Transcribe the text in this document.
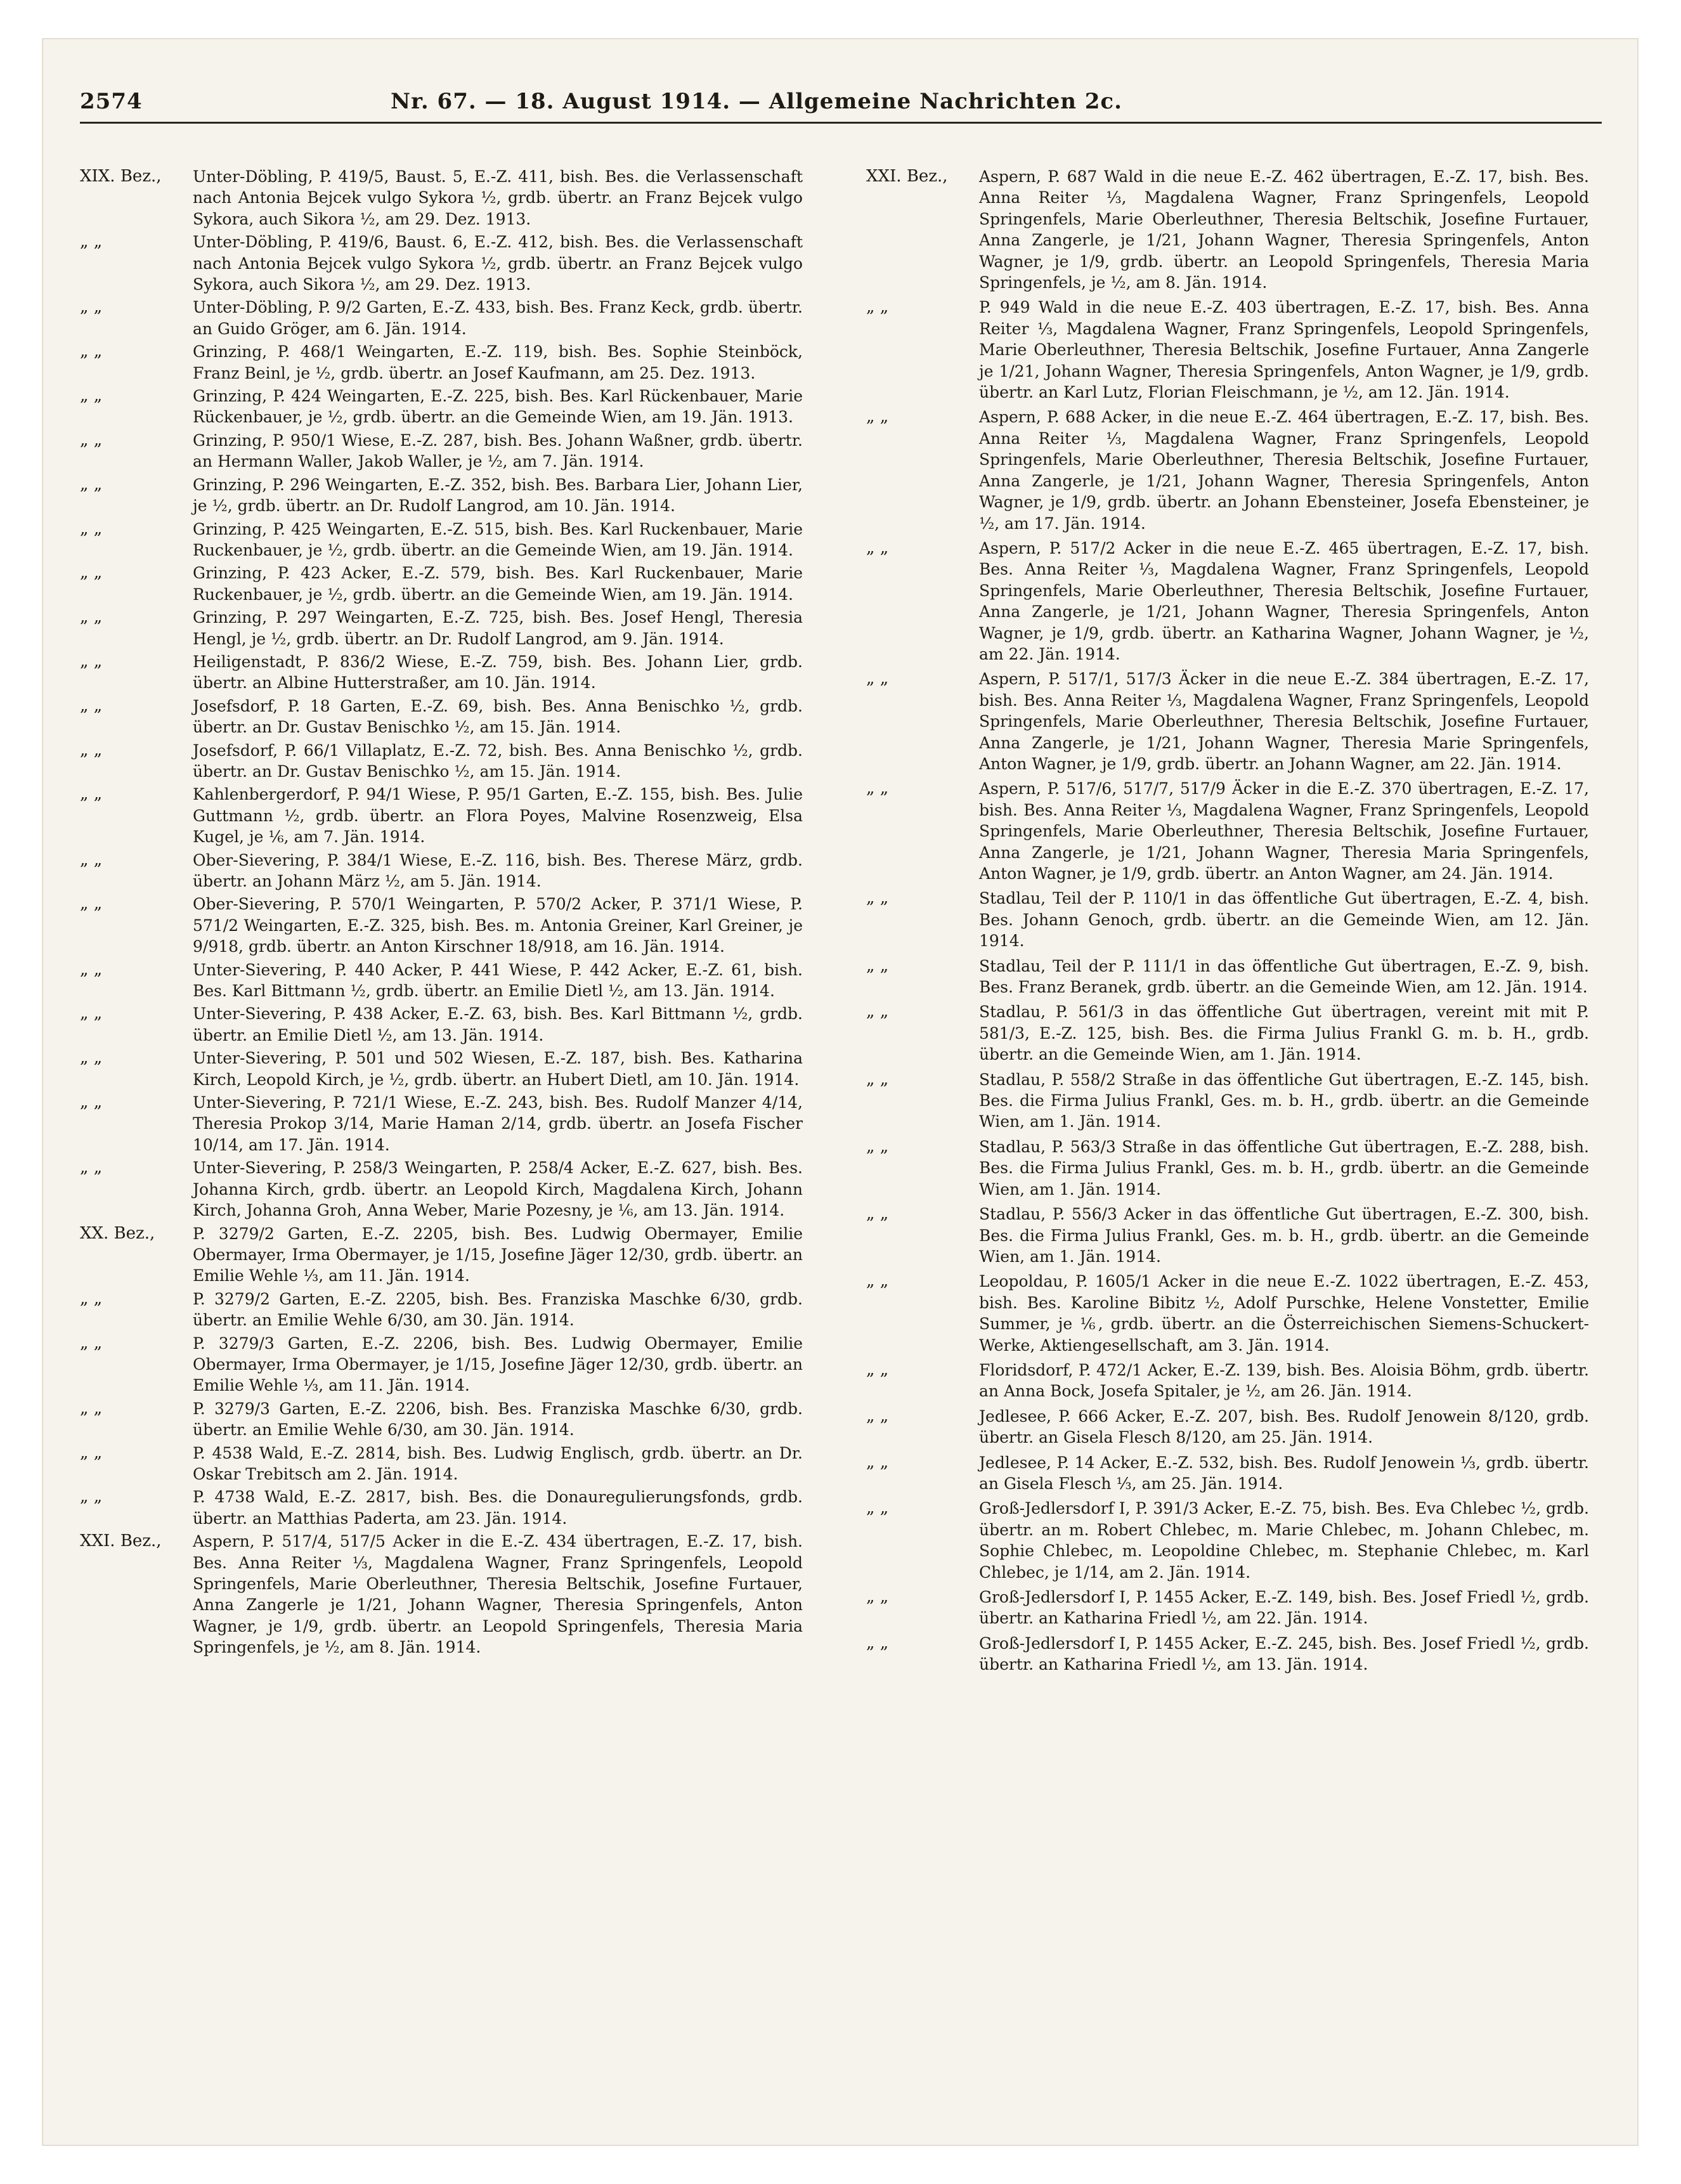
2574	Nr. 67. — 18. August 1914. — Allgemeine Nachrichten 2c.
XIX. Bez.,	Unter-Döbling, P. 419/5, Baust. 5, E.-Z. 411, bish. Bes. die Verlassenschaft nach Antonia Bejcek vulgo Sykora ½, grdb. übertr. an Franz Bejcek vulgo Sykora, auch Sikora ½, am 29. Dez. 1913.
„ „	Unter-Döbling, P. 419/6, Baust. 6, E.-Z. 412, bish. Bes. die Verlassenschaft nach Antonia Bejcek vulgo Sykora ½, grdb. übertr. an Franz Bejcek vulgo Sykora, auch Sikora ½, am 29. Dez. 1913.
„ „	Unter-Döbling, P. 9/2 Garten, E.-Z. 433, bish. Bes. Franz Keck, grdb. übertr. an Guido Gröger, am 6. Jän. 1914.
„ „	Grinzing, P. 468/1 Weingarten, E.-Z. 119, bish. Bes. Sophie Steinböck, Franz Beinl, je ½, grdb. übertr. an Josef Kaufmann, am 25. Dez. 1913.
„ „	Grinzing, P. 424 Weingarten, E.-Z. 225, bish. Bes. Karl Rückenbauer, Marie Rückenbauer, je ½, grdb. übertr. an die Gemeinde Wien, am 19. Jän. 1913.
„ „	Grinzing, P. 950/1 Wiese, E.-Z. 287, bish. Bes. Johann Waßner, grdb. übertr. an Hermann Waller, Jakob Waller, je ½, am 7. Jän. 1914.
„ „	Grinzing, P. 296 Weingarten, E.-Z. 352, bish. Bes. Barbara Lier, Johann Lier, je ½, grdb. übertr. an Dr. Rudolf Langrod, am 10. Jän. 1914.
„ „	Grinzing, P. 425 Weingarten, E.-Z. 515, bish. Bes. Karl Ruckenbauer, Marie Ruckenbauer, je ½, grdb. übertr. an die Gemeinde Wien, am 19. Jän. 1914.
„ „	Grinzing, P. 423 Acker, E.-Z. 579, bish. Bes. Karl Ruckenbauer, Marie Ruckenbauer, je ½, grdb. übertr. an die Gemeinde Wien, am 19. Jän. 1914.
„ „	Grinzing, P. 297 Weingarten, E.-Z. 725, bish. Bes. Josef Hengl, Theresia Hengl, je ½, grdb. übertr. an Dr. Rudolf Langrod, am 9. Jän. 1914.
„ „	Heiligenstadt, P. 836/2 Wiese, E.-Z. 759, bish. Bes. Johann Lier, grdb. übertr. an Albine Hutterstraßer, am 10. Jän. 1914.
„ „	Josefsdorf, P. 18 Garten, E.-Z. 69, bish. Bes. Anna Benischko ½, grdb. übertr. an Dr. Gustav Benischko ½, am 15. Jän. 1914.
„ „	Josefsdorf, P. 66/1 Villaplatz, E.-Z. 72, bish. Bes. Anna Benischko ½, grdb. übertr. an Dr. Gustav Benischko ½, am 15. Jän. 1914.
„ „	Kahlenbergerdorf, P. 94/1 Wiese, P. 95/1 Garten, E.-Z. 155, bish. Bes. Julie Guttmann ½, grdb. übertr. an Flora Poyes, Malvine Rosenzweig, Elsa Kugel, je ⅙, am 7. Jän. 1914.
„ „	Ober-Sievering, P. 384/1 Wiese, E.-Z. 116, bish. Bes. Therese März, grdb. übertr. an Johann März ½, am 5. Jän. 1914.
„ „	Ober-Sievering, P. 570/1 Weingarten, P. 570/2 Acker, P. 371/1 Wiese, P. 571/2 Weingarten, E.-Z. 325, bish. Bes. m. Antonia Greiner, Karl Greiner, je 9/918, grdb. übertr. an Anton Kirschner 18/918, am 16. Jän. 1914.
„ „	Unter-Sievering, P. 440 Acker, P. 441 Wiese, P. 442 Acker, E.-Z. 61, bish. Bes. Karl Bittmann ½, grdb. übertr. an Emilie Dietl ½, am 13. Jän. 1914.
„ „	Unter-Sievering, P. 438 Acker, E.-Z. 63, bish. Bes. Karl Bittmann ½, grdb. übertr. an Emilie Dietl ½, am 13. Jän. 1914.
„ „	Unter-Sievering, P. 501 und 502 Wiesen, E.-Z. 187, bish. Bes. Katharina Kirch, Leopold Kirch, je ½, grdb. übertr. an Hubert Dietl, am 10. Jän. 1914.
„ „	Unter-Sievering, P. 721/1 Wiese, E.-Z. 243, bish. Bes. Rudolf Manzer 4/14, Theresia Prokop 3/14, Marie Haman 2/14, grdb. übertr. an Josefa Fischer 10/14, am 17. Jän. 1914.
„ „	Unter-Sievering, P. 258/3 Weingarten, P. 258/4 Acker, E.-Z. 627, bish. Bes. Johanna Kirch, grdb. übertr. an Leopold Kirch, Magdalena Kirch, Johann Kirch, Johanna Groh, Anna Weber, Marie Pozesny, je ⅙, am 13. Jän. 1914.
XX. Bez.,	P. 3279/2 Garten, E.-Z. 2205, bish. Bes. Ludwig Obermayer, Emilie Obermayer, Irma Obermayer, je 1/15, Josefine Jäger 12/30, grdb. übertr. an Emilie Wehle ⅓, am 11. Jän. 1914.
„ „	P. 3279/2 Garten, E.-Z. 2205, bish. Bes. Franziska Maschke 6/30, grdb. übertr. an Emilie Wehle 6/30, am 30. Jän. 1914.
„ „	P. 3279/3 Garten, E.-Z. 2206, bish. Bes. Ludwig Obermayer, Emilie Obermayer, Irma Obermayer, je 1/15, Josefine Jäger 12/30, grdb. übertr. an Emilie Wehle ⅓, am 11. Jän. 1914.
„ „	P. 3279/3 Garten, E.-Z. 2206, bish. Bes. Franziska Maschke 6/30, grdb. übertr. an Emilie Wehle 6/30, am 30. Jän. 1914.
„ „	P. 4538 Wald, E.-Z. 2814, bish. Bes. Ludwig Englisch, grdb. übertr. an Dr. Oskar Trebitsch am 2. Jän. 1914.
„ „	P. 4738 Wald, E.-Z. 2817, bish. Bes. die Donauregulierungsfonds, grdb. übertr. an Matthias Paderta, am 23. Jän. 1914.
XXI. Bez.,	Aspern, P. 517/4, 517/5 Acker in die E.-Z. 434 übertragen, E.-Z. 17, bish. Bes. Anna Reiter ⅓, Magdalena Wagner, Franz Springenfels, Leopold Springenfels, Marie Oberleuthner, Theresia Beltschik, Josefine Furtauer, Anna Zangerle je 1/21, Johann Wagner, Theresia Springenfels, Anton Wagner, je 1/9, grdb. übertr. an Leopold Springenfels, Theresia Maria Springenfels, je ½, am 8. Jän. 1914.
XXI. Bez.,	Aspern, P. 687 Wald in die neue E.-Z. 462 übertragen, E.-Z. 17, bish. Bes. Anna Reiter ⅓, Magdalena Wagner, Franz Springenfels, Leopold Springenfels, Marie Oberleuthner, Theresia Beltschik, Josefine Furtauer, Anna Zangerle, je 1/21, Johann Wagner, Theresia Springenfels, Anton Wagner, je 1/9, grdb. übertr. an Leopold Springenfels, Theresia Maria Springenfels, je ½, am 8. Jän. 1914.
„ „	P. 949 Wald in die neue E.-Z. 403 übertragen, E.-Z. 17, bish. Bes. Anna Reiter ⅓, Magdalena Wagner, Franz Springenfels, Leopold Springenfels, Marie Oberleuthner, Theresia Beltschik, Josefine Furtauer, Anna Zangerle je 1/21, Johann Wagner, Theresia Springenfels, Anton Wagner, je 1/9, grdb. übertr. an Karl Lutz, Florian Fleischmann, je ½, am 12. Jän. 1914.
„ „	Aspern, P. 688 Acker, in die neue E.-Z. 464 übertragen, E.-Z. 17, bish. Bes. Anna Reiter ⅓, Magdalena Wagner, Franz Springenfels, Leopold Springenfels, Marie Oberleuthner, Theresia Beltschik, Josefine Furtauer, Anna Zangerle, je 1/21, Johann Wagner, Theresia Springenfels, Anton Wagner, je 1/9, grdb. übertr. an Johann Ebensteiner, Josefa Ebensteiner, je ½, am 17. Jän. 1914.
„ „	Aspern, P. 517/2 Acker in die neue E.-Z. 465 übertragen, E.-Z. 17, bish. Bes. Anna Reiter ⅓, Magdalena Wagner, Franz Springenfels, Leopold Springenfels, Marie Oberleuthner, Theresia Beltschik, Josefine Furtauer, Anna Zangerle, je 1/21, Johann Wagner, Theresia Springenfels, Anton Wagner, je 1/9, grdb. übertr. an Katharina Wagner, Johann Wagner, je ½, am 22. Jän. 1914.
„ „	Aspern, P. 517/1, 517/3 Äcker in die neue E.-Z. 384 übertragen, E.-Z. 17, bish. Bes. Anna Reiter ⅓, Magdalena Wagner, Franz Springenfels, Leopold Springenfels, Marie Oberleuthner, Theresia Beltschik, Josefine Furtauer, Anna Zangerle, je 1/21, Johann Wagner, Theresia Marie Springenfels, Anton Wagner, je 1/9, grdb. übertr. an Johann Wagner, am 22. Jän. 1914.
„ „	Aspern, P. 517/6, 517/7, 517/9 Äcker in die E.-Z. 370 übertragen, E.-Z. 17, bish. Bes. Anna Reiter ⅓, Magdalena Wagner, Franz Springenfels, Leopold Springenfels, Marie Oberleuthner, Theresia Beltschik, Josefine Furtauer, Anna Zangerle, je 1/21, Johann Wagner, Theresia Maria Springenfels, Anton Wagner, je 1/9, grdb. übertr. an Anton Wagner, am 24. Jän. 1914.
„ „	Stadlau, Teil der P. 110/1 in das öffentliche Gut übertragen, E.-Z. 4, bish. Bes. Johann Genoch, grdb. übertr. an die Gemeinde Wien, am 12. Jän. 1914.
„ „	Stadlau, Teil der P. 111/1 in das öffentliche Gut übertragen, E.-Z. 9, bish. Bes. Franz Beranek, grdb. übertr. an die Gemeinde Wien, am 12. Jän. 1914.
„ „	Stadlau, P. 561/3 in das öffentliche Gut übertragen, vereint mit mit P. 581/3, E.-Z. 125, bish. Bes. die Firma Julius Frankl G. m. b. H., grdb. übertr. an die Gemeinde Wien, am 1. Jän. 1914.
„ „	Stadlau, P. 558/2 Straße in das öffentliche Gut übertragen, E.-Z. 145, bish. Bes. die Firma Julius Frankl, Ges. m. b. H., grdb. übertr. an die Gemeinde Wien, am 1. Jän. 1914.
„ „	Stadlau, P. 563/3 Straße in das öffentliche Gut übertragen, E.-Z. 288, bish. Bes. die Firma Julius Frankl, Ges. m. b. H., grdb. übertr. an die Gemeinde Wien, am 1. Jän. 1914.
„ „	Stadlau, P. 556/3 Acker in das öffentliche Gut übertragen, E.-Z. 300, bish. Bes. die Firma Julius Frankl, Ges. m. b. H., grdb. übertr. an die Gemeinde Wien, am 1. Jän. 1914.
„ „	Leopoldau, P. 1605/1 Acker in die neue E.-Z. 1022 übertragen, E.-Z. 453, bish. Bes. Karoline Bibitz ½, Adolf Purschke, Helene Vonstetter, Emilie Summer, je ⅙, grdb. übertr. an die Österreichischen Siemens-Schuckert-Werke, Aktiengesellschaft, am 3. Jän. 1914.
„ „	Floridsdorf, P. 472/1 Acker, E.-Z. 139, bish. Bes. Aloisia Böhm, grdb. übertr. an Anna Bock, Josefa Spitaler, je ½, am 26. Jän. 1914.
„ „	Jedlesee, P. 666 Acker, E.-Z. 207, bish. Bes. Rudolf Jenowein 8/120, grdb. übertr. an Gisela Flesch 8/120, am 25. Jän. 1914.
„ „	Jedlesee, P. 14 Acker, E.-Z. 532, bish. Bes. Rudolf Jenowein ⅓, grdb. übertr. an Gisela Flesch ⅓, am 25. Jän. 1914.
„ „	Groß-Jedlersdorf I, P. 391/3 Acker, E.-Z. 75, bish. Bes. Eva Chlebec ½, grdb. übertr. an m. Robert Chlebec, m. Marie Chlebec, m. Johann Chlebec, m. Sophie Chlebec, m. Leopoldine Chlebec, m. Stephanie Chlebec, m. Karl Chlebec, je 1/14, am 2. Jän. 1914.
„ „	Groß-Jedlersdorf I, P. 1455 Acker, E.-Z. 149, bish. Bes. Josef Friedl ½, grdb. übertr. an Katharina Friedl ½, am 22. Jän. 1914.
„ „	Groß-Jedlersdorf I, P. 1455 Acker, E.-Z. 245, bish. Bes. Josef Friedl ½, grdb. übertr. an Katharina Friedl ½, am 13. Jän. 1914.
